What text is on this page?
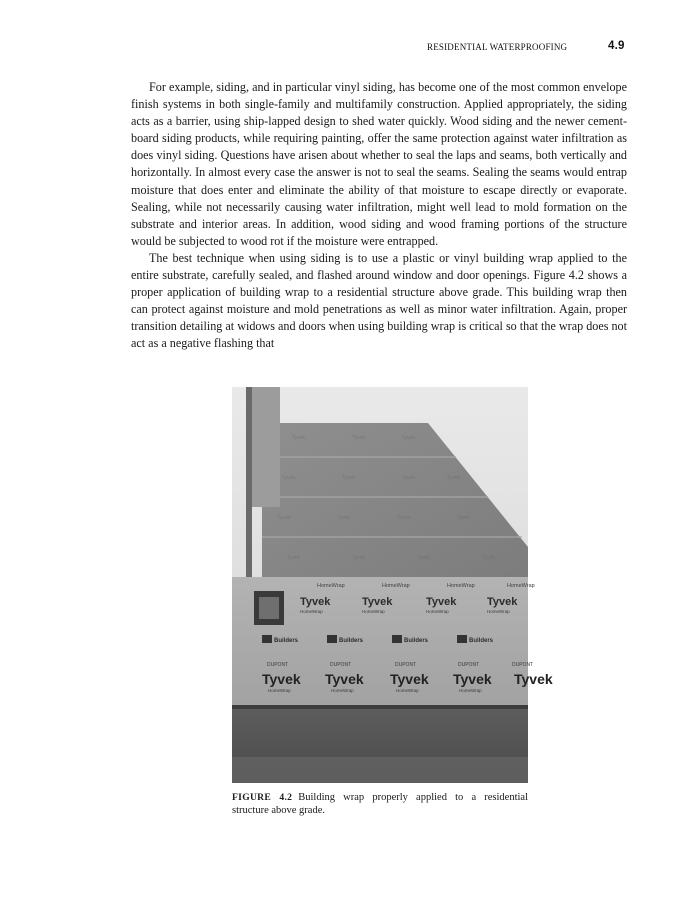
RESIDENTIAL WATERPROOFING	4.9

For example, siding, and in particular vinyl siding, has become one of the most common envelope finish systems in both single-family and multifamily construction. Applied appropriately, the siding acts as a barrier, using ship-lapped design to shed water quickly. Wood siding and the newer cement-board siding products, while requiring painting, offer the same protection against water infiltration as does vinyl siding. Questions have arisen about whether to seal the laps and seams, both vertically and horizontally. In almost every case the answer is not to seal the seams. Sealing the seams would entrap moisture that does enter and eliminate the ability of that moisture to escape directly or evaporate. Sealing, while not necessarily causing water infiltration, might well lead to mold formation on the substrate and interior areas. In addition, wood siding and wood framing portions of the structure would be subjected to wood rot if the moisture were entrapped.

The best technique when using siding is to use a plastic or vinyl building wrap applied to the entire substrate, carefully sealed, and flashed around window and door openings. Figure 4.2 shows a proper application of building wrap to a residential structure above grade. This building wrap then can protect against moisture and mold penetrations as well as minor water infiltration. Again, proper transition detailing at widows and doors when using building wrap is critical so that the wrap does not act as a negative flashing that

Tyvek	Tyvek	Tyvek
Tyvek	Tyvek	Tyvek	Tyvek
Tyvek	Tyvek	Tyvek	Tyvek
Tyvek	Tyvek	Tyvek	Tyvek
HomeWrap	HomeWrap	HomeWrap	HomeWrap
Tyvek	Tyvek	Tyvek	Tyvek
HomeWrap	HomeWrap	HomeWrap	HomeWrap
Builders	Builders	Builders	Builders
DUPONT	DUPONT	DUPONT	DUPONT	DUPONT
Tyvek Tyvek Tyvek Tyvek Tyvek
HomeWrap	HomeWrap	HomeWrap	HomeWrap
FIGURE 4.2 Building wrap properly applied to a residential structure above grade.
